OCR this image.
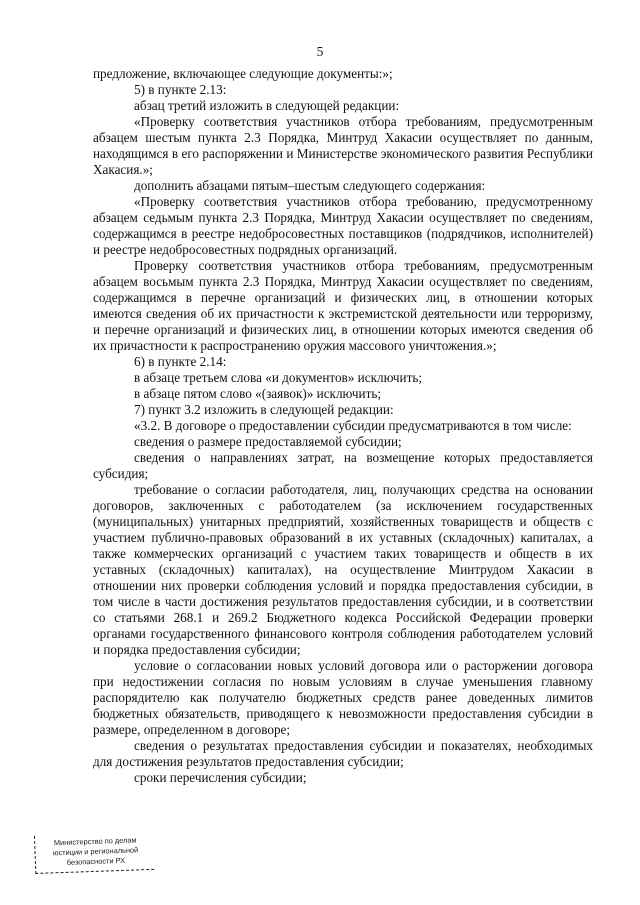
5

предложение, включающее следующие документы:»;

5) в пункте 2.13:

абзац третий изложить в следующей редакции:

«Проверку соответствия участников отбора требованиям, предусмотренным абзацем шестым пункта 2.3 Порядка, Минтруд Хакасии осуществляет по данным, находящимся в его распоряжении и Министерстве экономического развития Республики Хакасия.»;

дополнить абзацами пятым–шестым следующего содержания:

«Проверку соответствия участников отбора требованию, предусмотренному абзацем седьмым пункта 2.3 Порядка, Минтруд Хакасии осуществляет по сведениям, содержащимся в реестре недобросовестных поставщиков (подрядчиков, исполнителей) и реестре недобросовестных подрядных организаций.

Проверку соответствия участников отбора требованиям, предусмотренным абзацем восьмым пункта 2.3 Порядка, Минтруд Хакасии осуществляет по сведениям, содержащимся в перечне организаций и физических лиц, в отношении которых имеются сведения об их причастности к экстремистской деятельности или терроризму, и перечне организаций и физических лиц, в отношении которых имеются сведения об их причастности к распространению оружия массового уничтожения.»;

6) в пункте 2.14:

в абзаце третьем слова «и документов» исключить;

в абзаце пятом слово «(заявок)» исключить;

7) пункт 3.2 изложить в следующей редакции:

«3.2. В договоре о предоставлении субсидии предусматриваются в том числе:

сведения о размере предоставляемой субсидии;

сведения о направлениях затрат, на возмещение которых предоставляется субсидия;

требование о согласии работодателя, лиц, получающих средства на основании договоров, заключенных с работодателем (за исключением государственных (муниципальных) унитарных предприятий, хозяйственных товариществ и обществ с участием публично-правовых образований в их уставных (складочных) капиталах, а также коммерческих организаций с участием таких товариществ и обществ в их уставных (складочных) капиталах), на осуществление Минтрудом Хакасии в отношении них проверки соблюдения условий и порядка предоставления субсидии, в том числе в части достижения результатов предоставления субсидии, и в соответствии со статьями 268.1 и 269.2 Бюджетного кодекса Российской Федерации проверки органами государственного финансового контроля соблюдения работодателем условий и порядка предоставления субсидии;

условие о согласовании новых условий договора или о расторжении договора при недостижении согласия по новым условиям в случае уменьшения главному распорядителю как получателю бюджетных средств ранее доведенных лимитов бюджетных обязательств, приводящего к невозможности предоставления субсидии в размере, определенном в договоре;

сведения о результатах предоставления субсидии и показателях, необходимых для достижения результатов предоставления субсидии;

сроки перечисления субсидии;

Министерство по делам
юстиции и региональной
безопасности РХ
